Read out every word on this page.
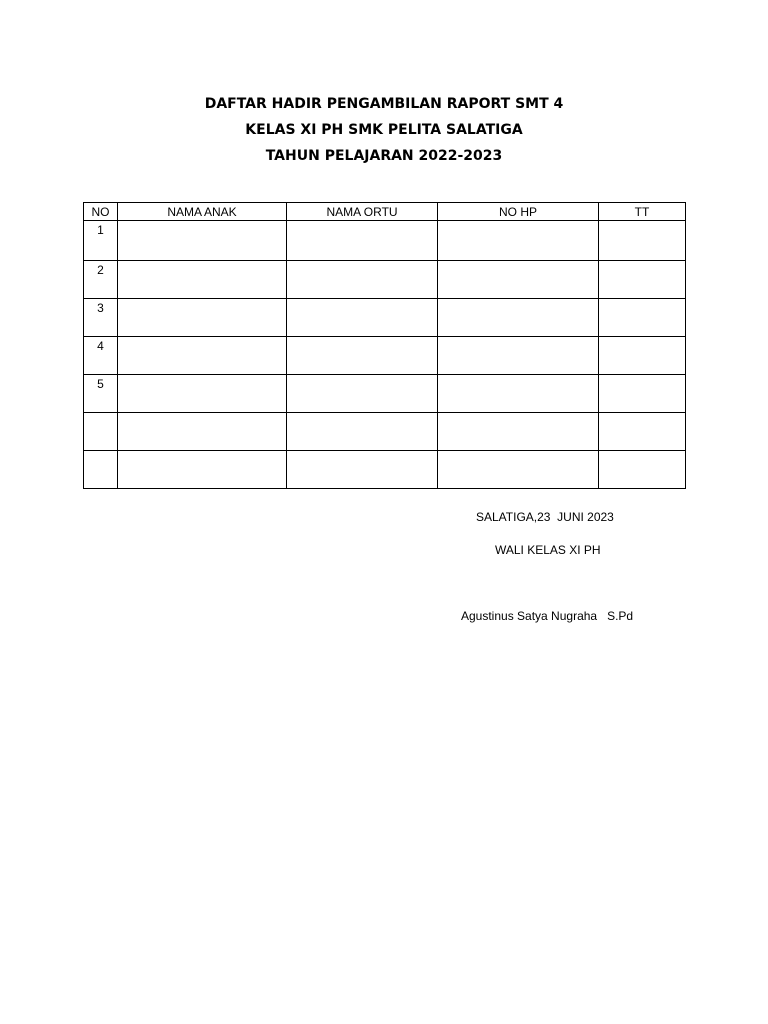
DAFTAR HADIR PENGAMBILAN RAPORT SMT 4
KELAS XI PH SMK PELITA SALATIGA
TAHUN PELAJARAN 2022-2023
NO	NAMA ANAK	NAMA ORTU	NO HP	TT
1				
2				
3				
4				
5				

SALATIGA,23  JUNI 2023
WALI KELAS XI PH
Agustinus Satya Nugraha   S.Pd
